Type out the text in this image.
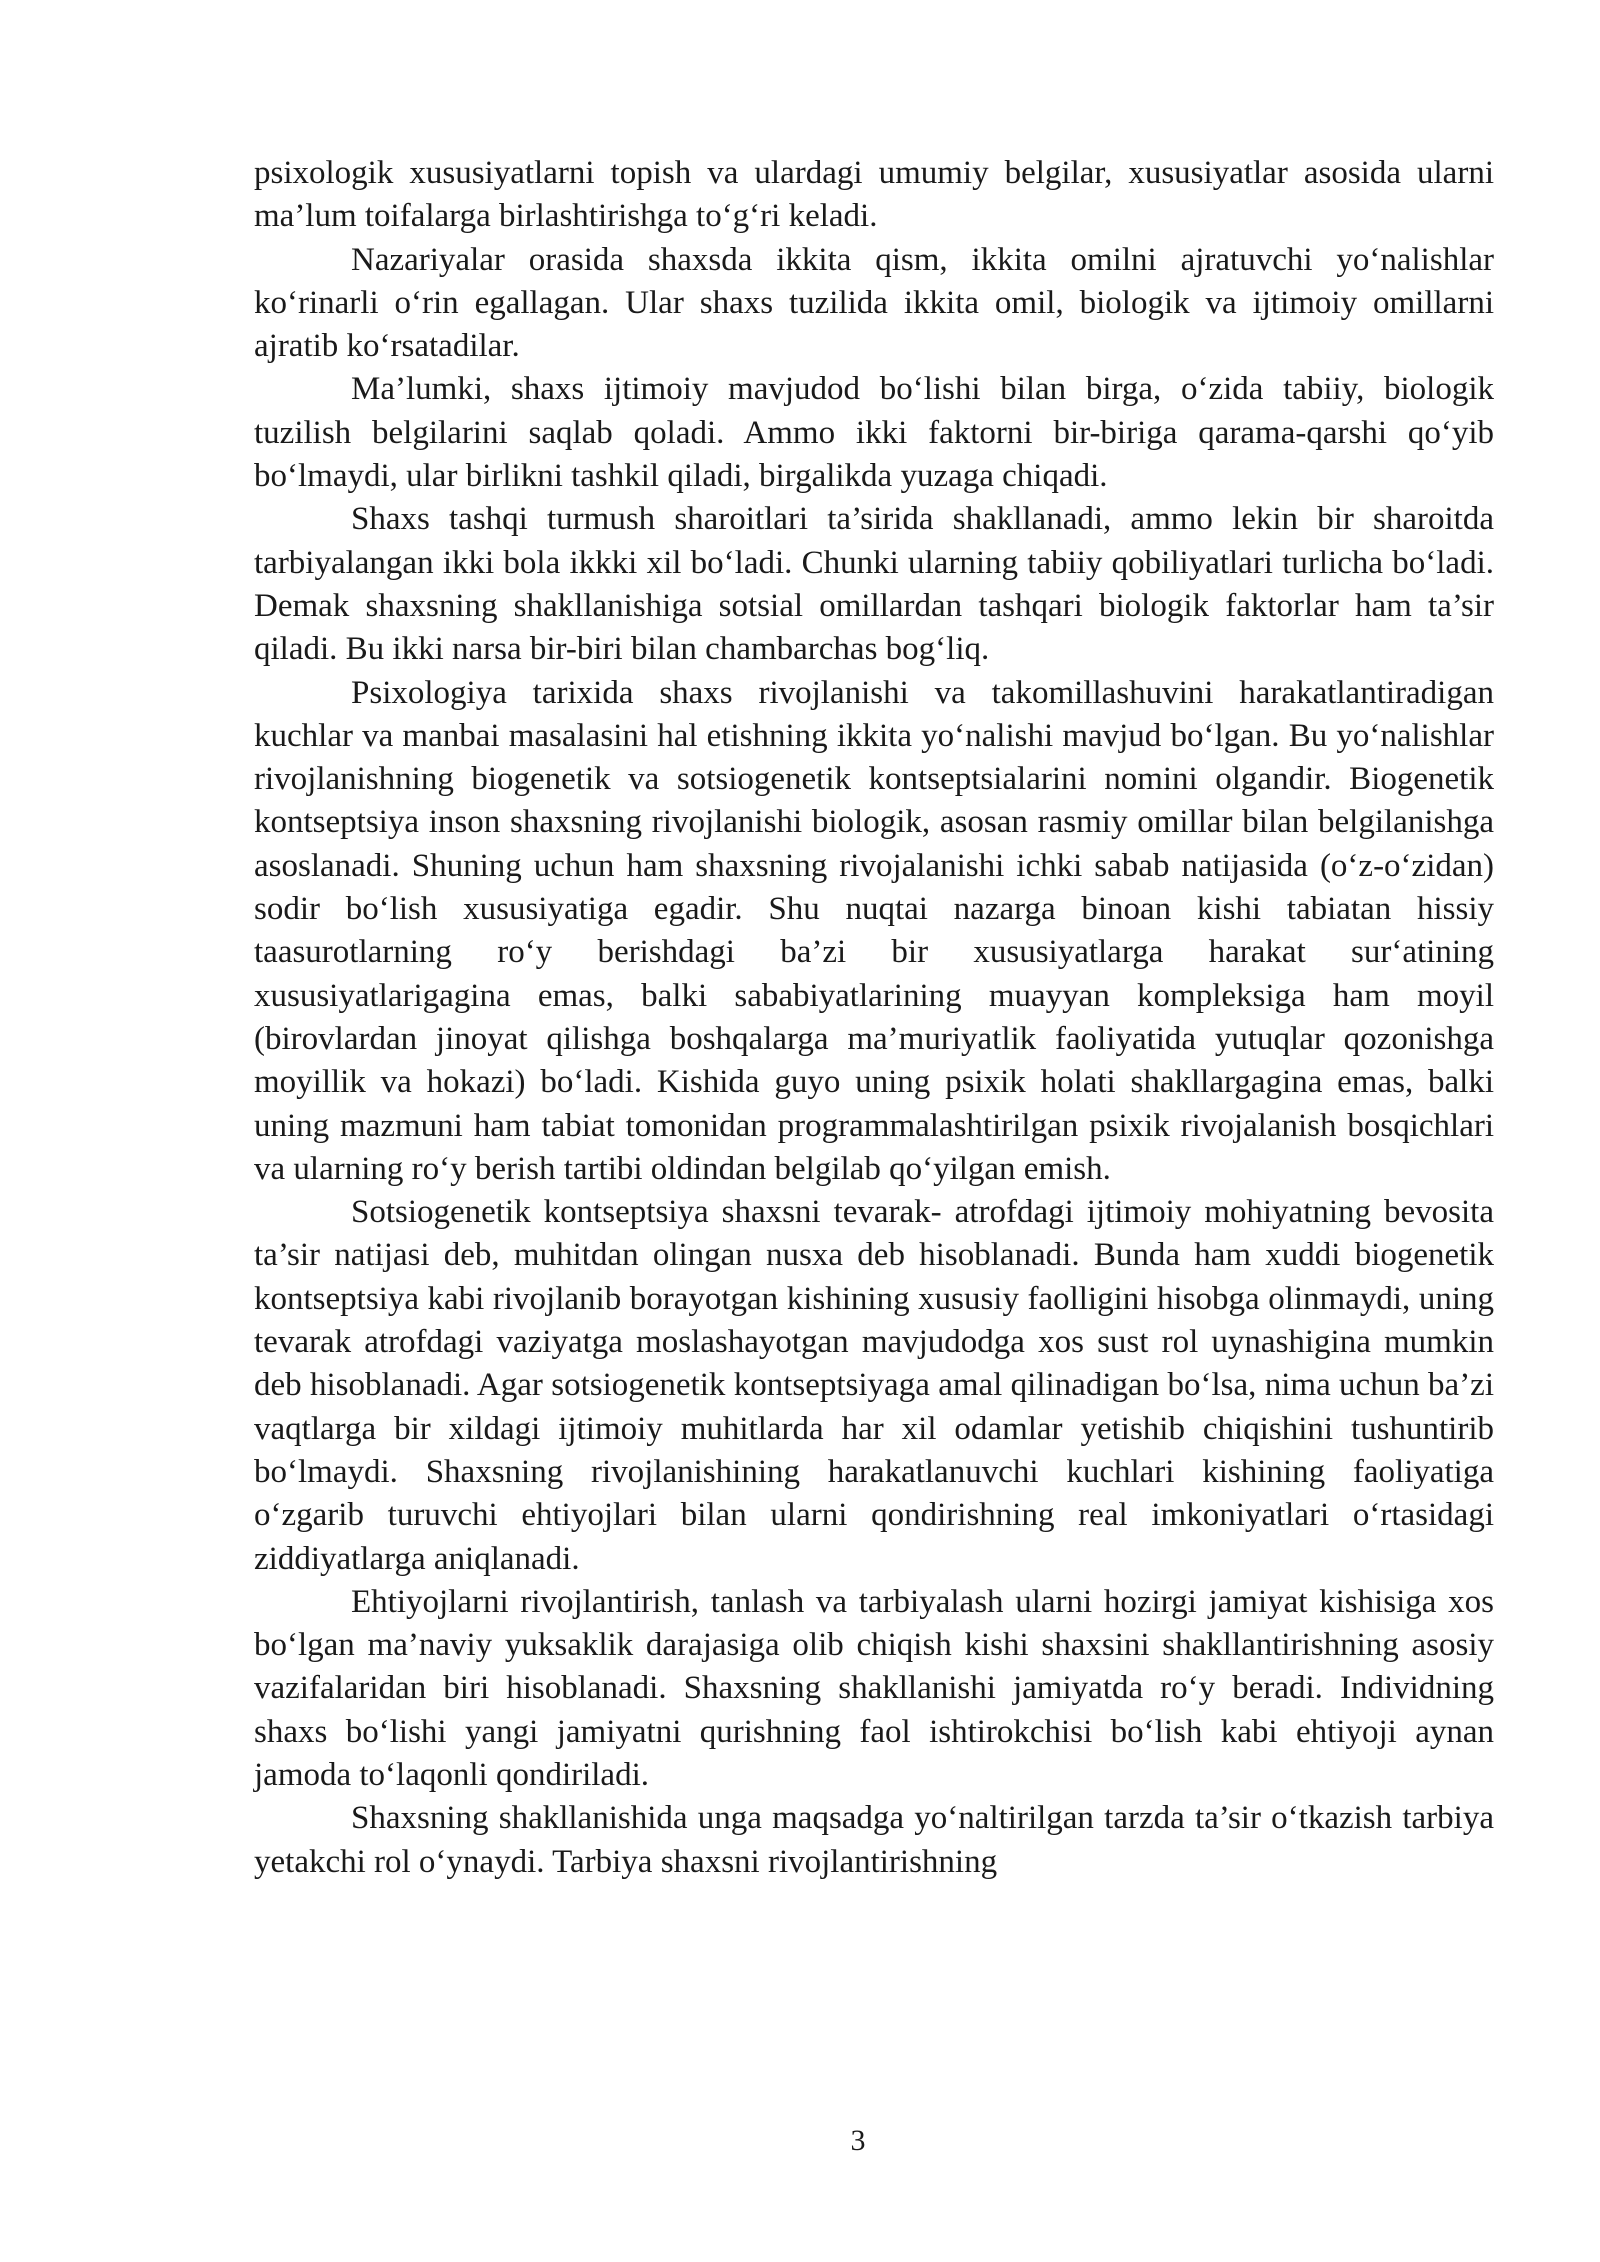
psixologik xususiyatlarni topish va ulardagi umumiy belgilar, xususiyatlar asosida ularni ma’lum toifalarga birlashtirishga to‘g‘ri keladi.

Nazariyalar orasida shaxsda ikkita qism, ikkita omilni ajratuvchi yo‘nalishlar ko‘rinarli o‘rin egallagan. Ular shaxs tuzilida ikkita omil, biologik va ijtimoiy omillarni ajratib ko‘rsatadilar.

Ma’lumki, shaxs ijtimoiy mavjudod bo‘lishi bilan birga, o‘zida tabiiy, biologik tuzilish belgilarini saqlab qoladi. Ammo ikki faktorni bir-biriga qarama-qarshi qo‘yib bo‘lmaydi, ular birlikni tashkil qiladi, birgalikda yuzaga chiqadi.

Shaxs tashqi turmush sharoitlari ta’sirida shakllanadi, ammo lekin bir sharoitda tarbiyalangan ikki bola ikkki xil bo‘ladi. Chunki ularning tabiiy qobiliyatlari turlicha bo‘ladi. Demak shaxsning shakllanishiga sotsial omillardan tashqari biologik faktorlar ham ta’sir qiladi. Bu ikki narsa bir-biri bilan chambarchas bog‘liq.

Psixologiya tarixida shaxs rivojlanishi va takomillashuvini harakatlantiradigan kuchlar va manbai masalasini hal etishning ikkita yo‘nalishi mavjud bo‘lgan. Bu yo‘nalishlar rivojlanishning biogenetik va sotsiogenetik kontseptsialarini nomini olgandir. Biogenetik kontseptsiya inson shaxsning rivojlanishi biologik, asosan rasmiy omillar bilan belgilanishga asoslanadi. Shuning uchun ham shaxsning rivojalanishi ichki sabab natijasida (o‘z-o‘zidan) sodir bo‘lish xususiyatiga egadir. Shu nuqtai nazarga binoan kishi tabiatan hissiy taasurotlarning ro‘y berishdagi ba’zi bir xususiyatlarga harakat sur‘atining xususiyatlarigagina emas, balki sababiyatlarining muayyan kompleksiga ham moyil (birovlardan jinoyat qilishga boshqalarga ma’muriyatlik faoliyatida yutuqlar qozonishga moyillik va hokazi) bo‘ladi. Kishida guyo uning psixik holati shakllargagina emas, balki uning mazmuni ham tabiat tomonidan programmalashtirilgan psixik rivojalanish bosqichlari va ularning ro‘y berish tartibi oldindan belgilab qo‘yilgan emish.

Sotsiogenetik kontseptsiya shaxsni tevarak- atrofdagi ijtimoiy mohiyatning bevosita ta’sir natijasi deb, muhitdan olingan nusxa deb hisoblanadi. Bunda ham xuddi biogenetik kontseptsiya kabi rivojlanib borayotgan kishining xususiy faolligini hisobga olinmaydi, uning tevarak atrofdagi vaziyatga moslashayotgan mavjudodga xos sust rol uynashigina mumkin deb hisoblanadi. Agar sotsiogenetik kontseptsiyaga amal qilinadigan bo‘lsa, nima uchun ba’zi vaqtlarga bir xildagi ijtimoiy muhitlarda har xil odamlar yetishib chiqishini tushuntirib bo‘lmaydi. Shaxsning rivojlanishining harakatlanuvchi kuchlari kishining faoliyatiga o‘zgarib turuvchi ehtiyojlari bilan ularni qondirishning real imkoniyatlari o‘rtasidagi ziddiyatlarga aniqlanadi.

Ehtiyojlarni rivojlantirish, tanlash va tarbiyalash ularni hozirgi jamiyat kishisiga xos bo‘lgan ma’naviy yuksaklik darajasiga olib chiqish kishi shaxsini shakllantirishning asosiy vazifalaridan biri hisoblanadi. Shaxsning shakllanishi jamiyatda ro‘y beradi. Individning shaxs bo‘lishi yangi jamiyatni qurishning faol ishtirokchisi bo‘lish kabi ehtiyoji aynan jamoda to‘laqonli qondiriladi.

Shaxsning shakllanishida unga maqsadga yo‘naltirilgan tarzda ta’sir o‘tkazish tarbiya yetakchi rol o‘ynaydi. Tarbiya shaxsni rivojlantirishning

3
